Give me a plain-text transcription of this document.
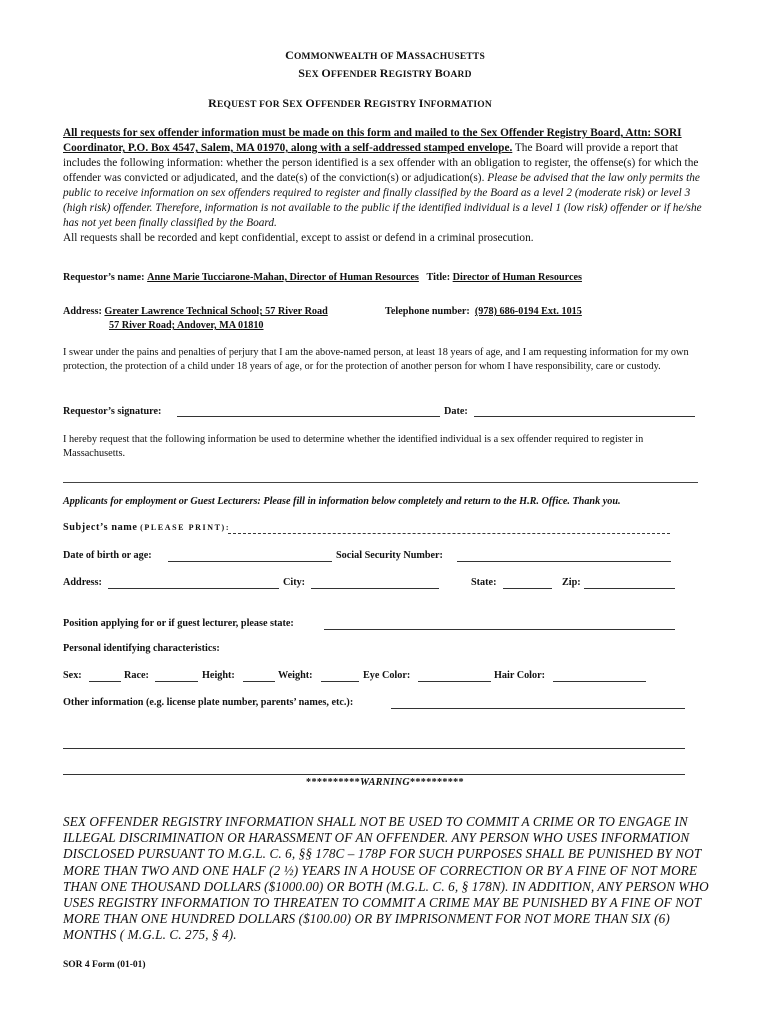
COMMONWEALTH OF MASSACHUSETTS
SEX OFFENDER REGISTRY BOARD
REQUEST FOR SEX OFFENDER REGISTRY INFORMATION
All requests for sex offender information must be made on this form and mailed to the Sex Offender Registry Board, Attn: SORI Coordinator, P.O. Box 4547, Salem, MA 01970, along with a self-addressed stamped envelope. The Board will provide a report that includes the following information: whether the person identified is a sex offender with an obligation to register, the offense(s) for which the offender was convicted or adjudicated, and the date(s) of the conviction(s) or adjudication(s). Please be advised that the law only permits the public to receive information on sex offenders required to register and finally classified by the Board as a level 2 (moderate risk) or level 3 (high risk) offender. Therefore, information is not available to the public if the identified individual is a level 1 (low risk) offender or if he/she has not yet been finally classified by the Board.
All requests shall be recorded and kept confidential, except to assist or defend in a criminal prosecution.
Requestor’s name: Anne Marie Tucciarone-Mahan, Director of Human Resources Title: Director of Human Resources
Address: Greater Lawrence Technical School; 57 River Road
57 River Road; Andover, MA 01810
Telephone number: (978) 686-0194 Ext. 1015
I swear under the pains and penalties of perjury that I am the above-named person, at least 18 years of age, and I am requesting information for my own protection, the protection of a child under 18 years of age, or for the protection of another person for whom I have responsibility, care or custody.
Requestor’s signature:	Date:
I hereby request that the following information be used to determine whether the identified individual is a sex offender required to register in Massachusetts.
Applicants for employment or Guest Lecturers: Please fill in information below completely and return to the H.R. Office. Thank you.
Subject’s name (PLEASE PRINT):
Date of birth or age:	Social Security Number:
Address:	City:	State:	Zip:
Position applying for or if guest lecturer, please state:
Personal identifying characteristics:
Sex:	Race:	Height:	Weight:	Eye Color:	Hair Color:
Other information (e.g. license plate number, parents’ names, etc.):
**********WARNING**********
SEX OFFENDER REGISTRY INFORMATION SHALL NOT BE USED TO COMMIT A CRIME OR TO ENGAGE IN ILLEGAL DISCRIMINATION OR HARASSMENT OF AN OFFENDER. ANY PERSON WHO USES INFORMATION DISCLOSED PURSUANT TO M.G.L. C. 6, §§ 178C – 178P FOR SUCH PURPOSES SHALL BE PUNISHED BY NOT MORE THAN TWO AND ONE HALF (2 ½) YEARS IN A HOUSE OF CORRECTION OR BY A FINE OF NOT MORE THAN ONE THOUSAND DOLLARS ($1000.00) OR BOTH (M.G.L. C. 6, § 178N). IN ADDITION, ANY PERSON WHO USES REGISTRY INFORMATION TO THREATEN TO COMMIT A CRIME MAY BE PUNISHED BY A FINE OF NOT MORE THAN ONE HUNDRED DOLLARS ($100.00) OR BY IMPRISONMENT FOR NOT MORE THAN SIX (6) MONTHS ( M.G.L. C. 275, § 4).
SOR 4 Form (01-01)
